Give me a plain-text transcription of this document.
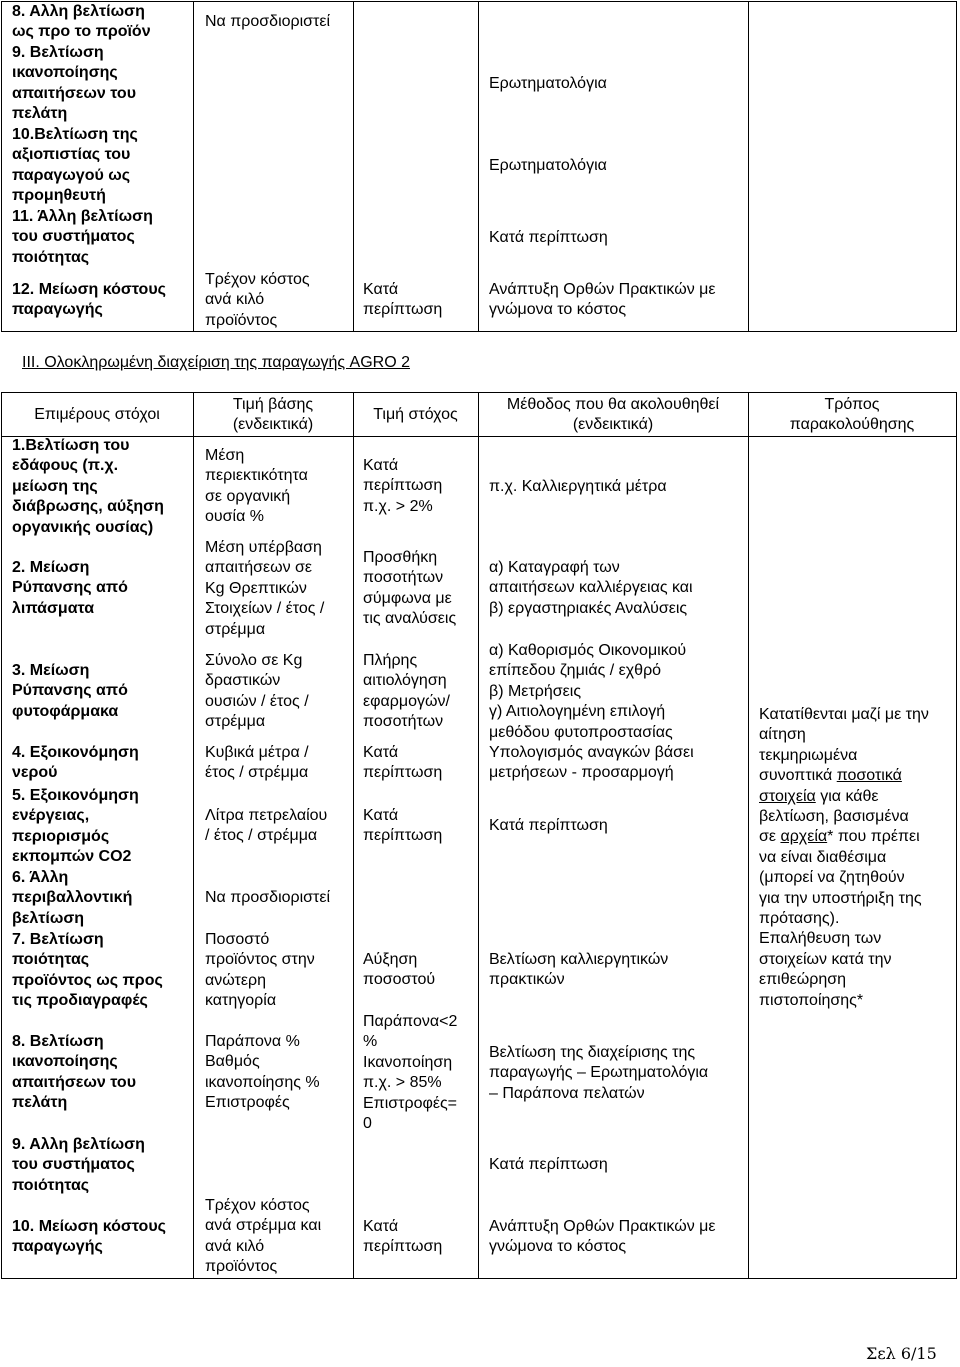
8. Αλλη βελτίωση
ως προ το προϊόν
9. Βελτίωση
ικανοποίησης
απαιτήσεων του
πελάτη
10.Βελτίωση της
αξιοπιστίας του
παραγωγού ως
προμηθευτή
11. Άλλη βελτίωση
του συστήματος
ποιότητας
12. Μείωση κόστους
παραγωγής
Να προσδιοριστεί
Τρέχον κόστος
ανά κιλό
προϊόντος
Κατά
περίπτωση
Ερωτηματολόγια
Ερωτηματολόγια
Κατά περίπτωση
Ανάπτυξη Ορθών Πρακτικών με
γνώμονα το κόστος
ΙΙΙ. Ολοκληρωμένη διαχείριση της παραγωγής AGRO 2
Επιμέρους στόχοι
Τιμή βάσης
(ενδεικτικά)
Τιμή στόχος
Μέθοδος που θα ακολουθηθεί
(ενδεικτικά)
Τρόπος
παρακολούθησης
1.Βελτίωση του
εδάφους (π.χ.
μείωση της
διάβρωσης, αύξηση
οργανικής ουσίας)
2. Μείωση
Ρύπανσης από
λιπάσματα
3. Μείωση
Ρύπανσης από
φυτοφάρμακα
4. Εξοικονόμηση
νερού
5. Εξοικονόμηση
ενέργειας,
περιορισμός
εκπομπών CO2
6. Άλλη
περιβαλλοντική
βελτίωση
7. Βελτίωση
ποιότητας
προϊόντος ως προς
τις προδιαγραφές
8. Βελτίωση
ικανοποίησης
απαιτήσεων του
πελάτη
9. Αλλη βελτίωση
του συστήματος
ποιότητας
10. Μείωση κόστους
παραγωγής
Μέση
περιεκτικότητα
σε οργανική
ουσία %
Μέση υπέρβαση
απαιτήσεων σε
Kg Θρεπτικών
Στοιχείων / έτος /
στρέμμα
Σύνολο σε Kg
δραστικών
ουσιών / έτος /
στρέμμα
Κυβικά μέτρα /
έτος / στρέμμα
Λίτρα πετρελαίου
/ έτος / στρέμμα
Να προσδιοριστεί
Ποσοστό
προϊόντος στην
ανώτερη
κατηγορία
Παράπονα %
Βαθμός
ικανοποίησης %
Επιστροφές
Τρέχον κόστος
ανά στρέμμα και
ανά κιλό
προϊόντος
Κατά
περίπτωση
π.χ. > 2%
Προσθήκη
ποσοτήτων
σύμφωνα με
τις αναλύσεις
Πλήρης
αιτιολόγηση
εφαρμογών/
ποσοτήτων
Κατά
περίπτωση
Κατά
περίπτωση
Αύξηση
ποσοστού
Παράπονα<2
%
Ικανοποίηση
π.χ. > 85%
Επιστροφές=
0
Κατά
περίπτωση
π.χ. Καλλιεργητικά μέτρα
α) Καταγραφή των
απαιτήσεων καλλιέργειας και
β) εργαστηριακές Αναλύσεις
α) Καθορισμός Οικονομικού
επίπεδου ζημιάς / εχθρό
β) Μετρήσεις
γ) Αιτιολογημένη επιλογή
μεθόδου φυτοπροστασίας
Υπολογισμός αναγκών βάσει
μετρήσεων - προσαρμογή
Κατά περίπτωση
Βελτίωση καλλιεργητικών
πρακτικών
Βελτίωση της διαχείρισης της
παραγωγής – Ερωτηματολόγια
– Παράπονα πελατών
Κατά περίπτωση
Ανάπτυξη Ορθών Πρακτικών με
γνώμονα το κόστος
Κατατίθενται μαζί με την
αίτηση
τεκμηριωμένα
συνοπτικά ποσοτικά
στοιχεία για κάθε
βελτίωση, βασισμένα
σε αρχεία* που πρέπει
να είναι διαθέσιμα
(μπορεί να ζητηθούν
για την υποστήριξη της
πρότασης).
Επαλήθευση των
στοιχείων κατά την
επιθεώρηση
πιστοποίησης*
Σελ 6/15
